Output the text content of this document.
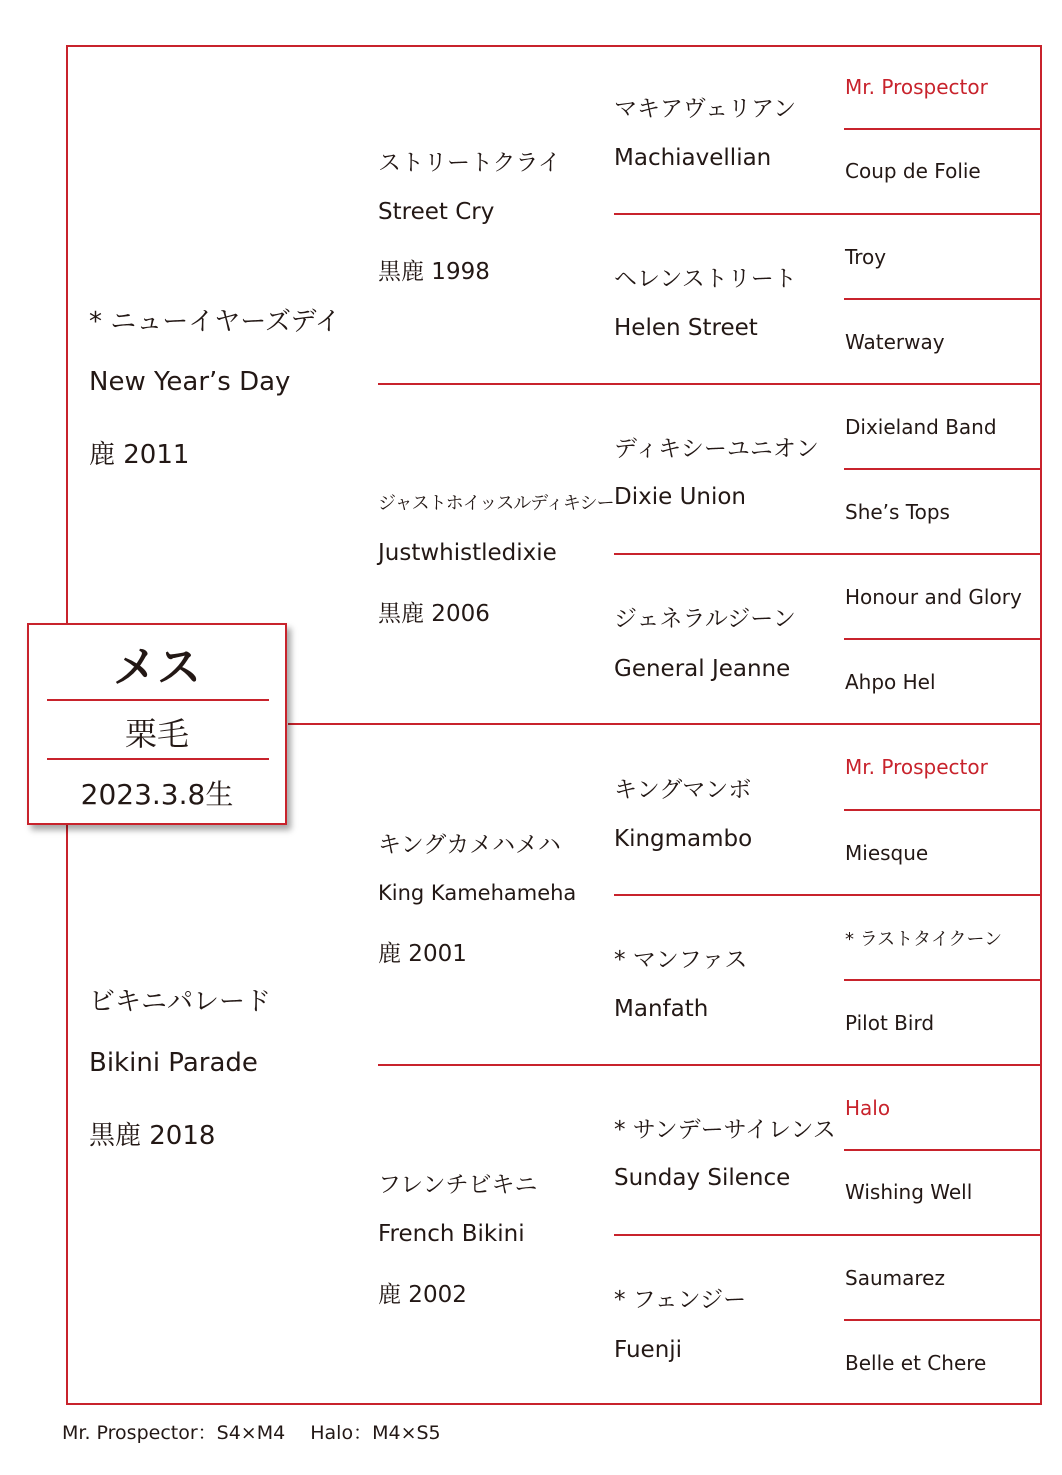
* ニューイヤーズデイ
New Year’s Day
鹿 2011
ビキニパレード
Bikini Parade
黒鹿 2018
ストリートクライ
Street Cry
黒鹿 1998
ジャストホイッスルディキシー
Justwhistledixie
黒鹿 2006
キングカメハメハ
King Kamehameha
鹿 2001
フレンチビキニ
French Bikini
鹿 2002
マキアヴェリアン
Machiavellian
ヘレンストリート
Helen Street
ディキシーユニオン
Dixie Union
ジェネラルジーン
General Jeanne
キングマンボ
Kingmambo
* マンファス
Manfath
* サンデーサイレンス
Sunday Silence
* フェンジー
Fuenji
Mr. Prospector
Coup de Folie
Troy
Waterway
Dixieland Band
She’s Tops
Honour and Glory
Ahpo Hel
Mr. Prospector
Miesque
* ラストタイクーン
Pilot Bird
Halo
Wishing Well
Saumarez
Belle et Chere
メス
栗毛
2023.3.8生
Mr. Prospector：S4×M4　 Halo：M4×S5
